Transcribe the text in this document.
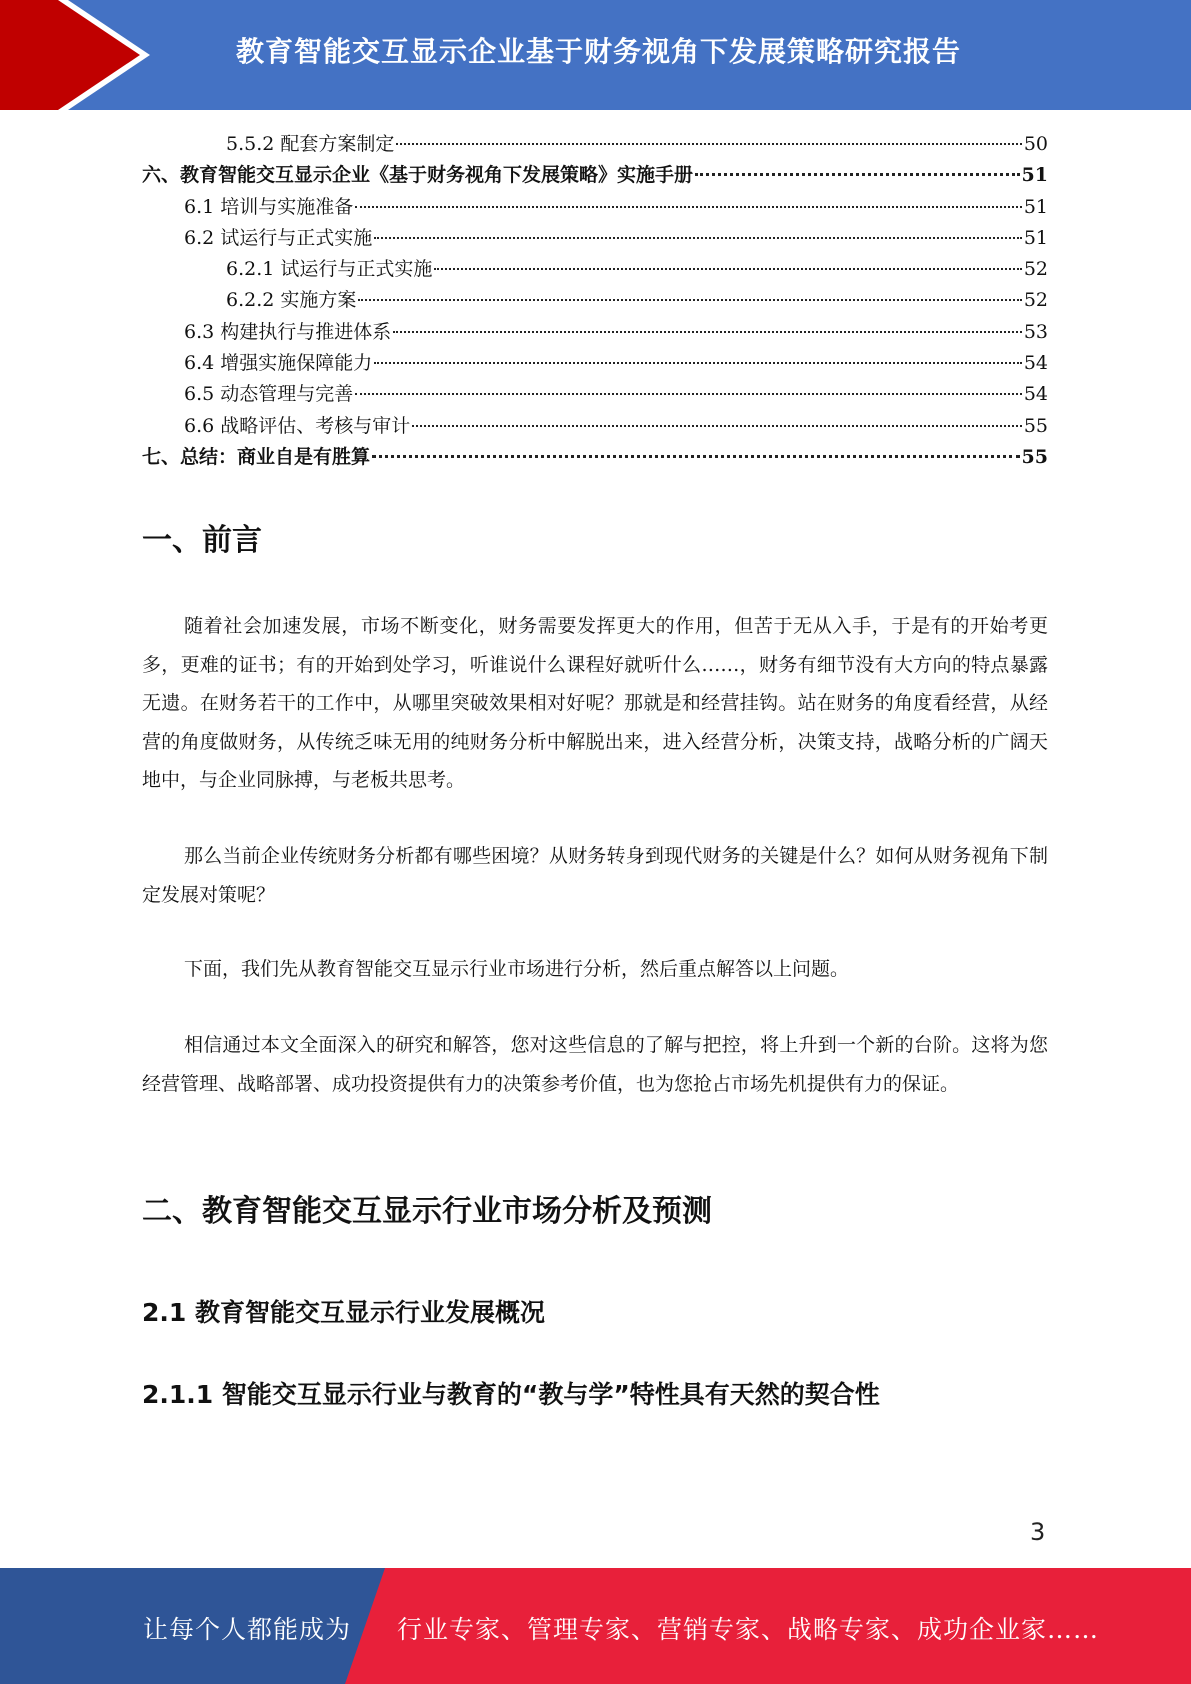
教育智能交互显示企业基于财务视角下发展策略研究报告
5.5.2 配套方案制定	50
六、教育智能交互显示企业《基于财务视角下发展策略》实施手册	51
6.1 培训与实施准备	51
6.2 试运行与正式实施	51
6.2.1 试运行与正式实施	52
6.2.2 实施方案	52
6.3 构建执行与推进体系	53
6.4 增强实施保障能力	54
6.5 动态管理与完善	54
6.6 战略评估、考核与审计	55
七、总结：商业自是有胜算	55
一、前言

随着社会加速发展，市场不断变化，财务需要发挥更大的作用，但苦于无从入手，于是有的开始考更多，更难的证书；有的开始到处学习，听谁说什么课程好就听什么……，财务有细节没有大方向的特点暴露无遗。在财务若干的工作中，从哪里突破效果相对好呢？那就是和经营挂钩。站在财务的角度看经营，从经营的角度做财务，从传统乏味无用的纯财务分析中解脱出来，进入经营分析，决策支持，战略分析的广阔天地中，与企业同脉搏，与老板共思考。

那么当前企业传统财务分析都有哪些困境？从财务转身到现代财务的关键是什么？如何从财务视角下制定发展对策呢？

下面，我们先从教育智能交互显示行业市场进行分析，然后重点解答以上问题。

相信通过本文全面深入的研究和解答，您对这些信息的了解与把控，将上升到一个新的台阶。这将为您经营管理、战略部署、成功投资提供有力的决策参考价值，也为您抢占市场先机提供有力的保证。

二、教育智能交互显示行业市场分析及预测
2.1 教育智能交互显示行业发展概况
2.1.1 智能交互显示行业与教育的“教与学”特性具有天然的契合性
3
让每个人都能成为 行业专家、管理专家、营销专家、战略专家、成功企业家……
